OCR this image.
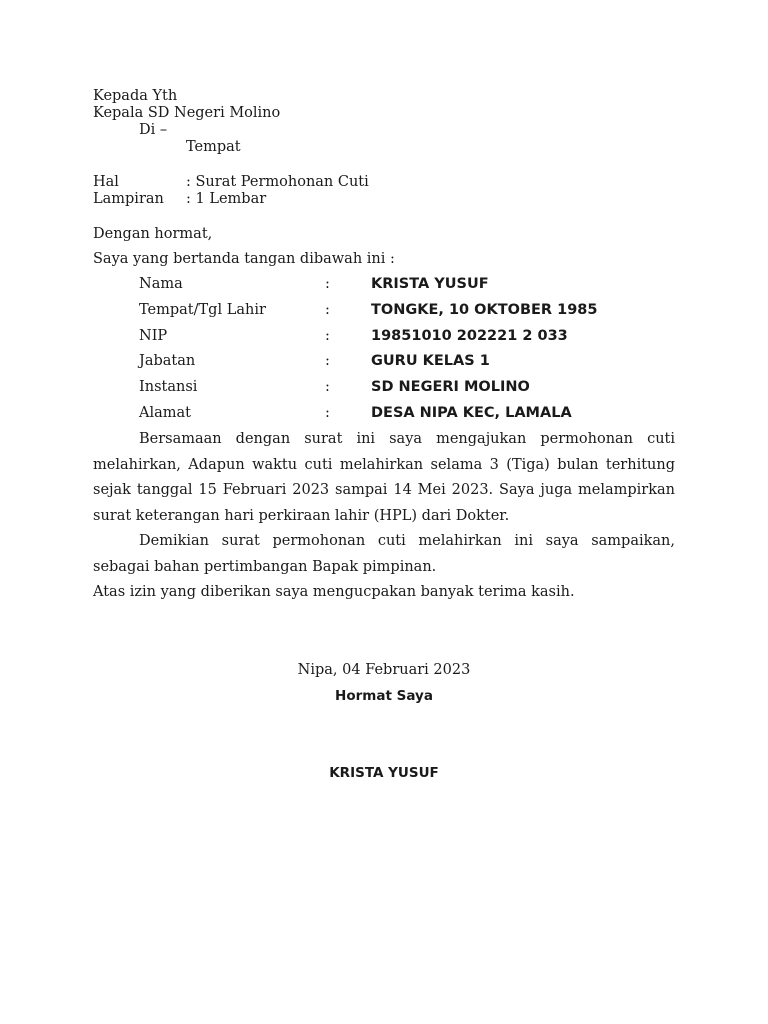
Kepada Yth
Kepala SD Negeri Molino
Di –
Tempat
Hal	: Surat Permohonan Cuti
Lampiran : 1 Lembar
Dengan hormat,
Saya yang bertanda tangan dibawah ini :
Nama	:	KRISTA YUSUF
Tempat/Tgl Lahir	:	TONGKE, 10 OKTOBER 1985
NIP	:	19851010 202221 2 033
Jabatan	:	GURU KELAS 1
Instansi	:	SD NEGERI MOLINO
Alamat	:	DESA NIPA KEC, LAMALA

Bersamaan dengan surat ini saya mengajukan permohonan cuti melahirkan, Adapun waktu cuti melahirkan selama 3 (Tiga) bulan terhitung sejak tanggal 15 Februari 2023 sampai 14 Mei 2023. Saya juga melampirkan surat keterangan hari perkiraan lahir (HPL) dari Dokter.

Demikian surat permohonan cuti melahirkan ini saya sampaikan, sebagai bahan pertimbangan Bapak pimpinan.

Atas izin yang diberikan saya mengucpakan banyak terima kasih.

Nipa, 04 Februari 2023
Hormat Saya
KRISTA YUSUF
